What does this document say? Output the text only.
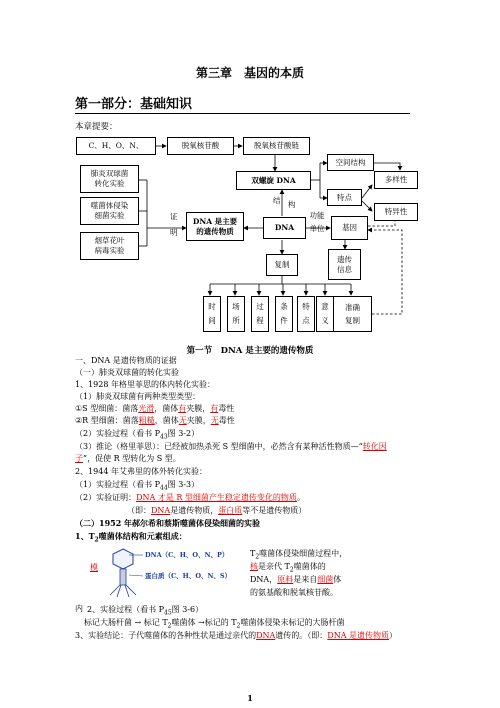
第三章　基因的本质
第一部分：基础知识
本章提要：
C、H、O、N、	脱氧核苷酸	脱氧核苷酸链
肺炎双球菌
转化实验
噬菌体侵染
细菌实验
烟草花叶
病毒实验
证
明
DNA 是主要
的遗传物质
双螺旋 DNA
结 构
空间结构
特点
多样性
特异性
DNA
功能
单位	基因
复制
遗传
信息
时
间
场
所
过
程
条
件
特
点
意
义
准确
复制
第一节　DNA 是主要的遗传物质
一、DNA 是遗传物质的证据
（一）肺炎双球菌的转化实验
1、1928 年格里菲思的体内转化实验：
（1）肺炎双球菌有两种类型类型：
①S 型细菌：菌落光滑，菌体有夹膜，有毒性
②R 型细菌：菌落粗糙，菌体无夹膜，无毒性
（2）实验过程（看书 $P_{43}$图 3-2）
（3）推论（格里菲思）：已经被加热杀死 S 型细菌中，必然含有某种活性物质—“转化因
子”，促使 R 型转化为 S 型。
2、1944 年艾弗里的体外转化实验：
（1）实验过程（看书 $P_{44}$图 3-3）
（2）实验证明：DNA 才是 R 型细菌产生稳定遗传变化的物质。
（即：DNA是遗传物质，蛋白质等不是遗传物质）
（二）1952 年郝尔希和蔡斯噬菌体侵染细菌的实验
1、$T_2$噬菌体结构和元素组成：
DNA（C、H、O、N、P）
蛋白质（C、H、O、N、S）
模
内
$T_2$噬菌体侵染细菌过程中，
核是亲代 $T_2$噬菌体的
DNA，原料是来自细菌体
的氨基酸和脱氧核苷酸。
2、实验过程（看书 $P_{45}$图 3-6）
标记大肠杆菌 → 标记 $T_2$噬菌体 →标记的 $T_2$噬菌体侵染未标记的大肠杆菌
3、实验结论：子代噬菌体的各种性状是通过亲代的DNA遗传的。（即：DNA 是遗传物质）
1
